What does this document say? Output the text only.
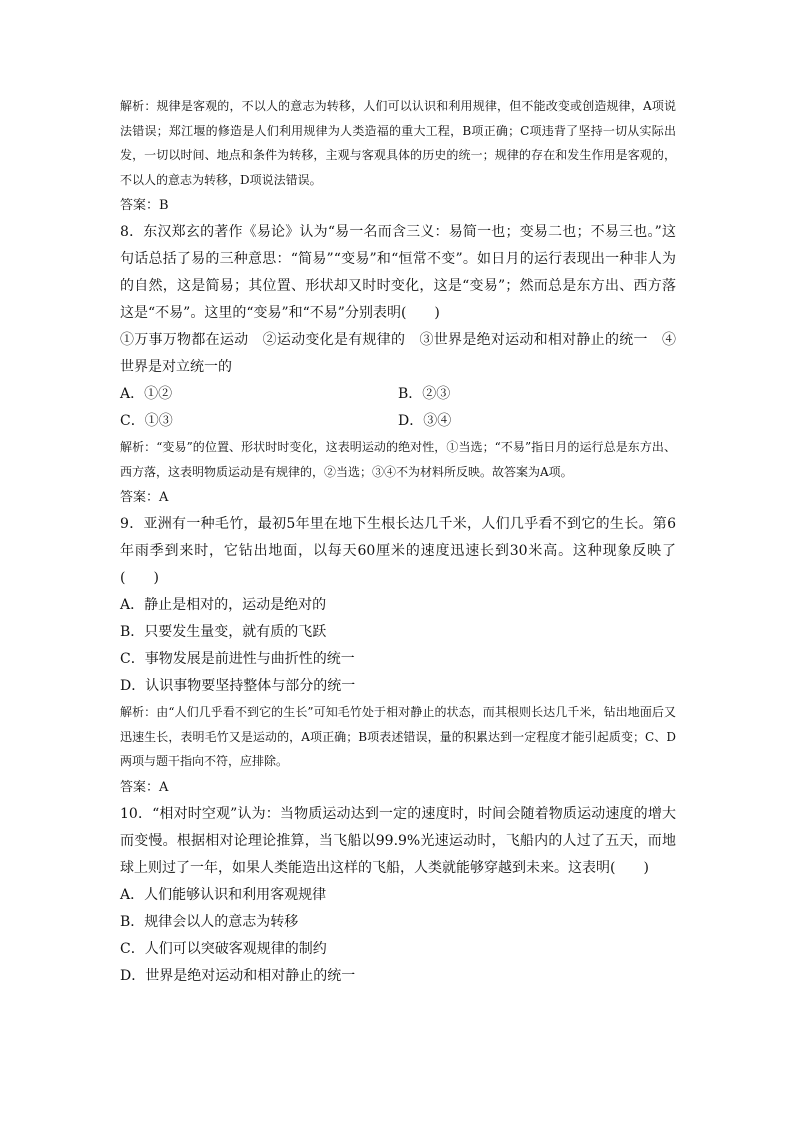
解析：规律是客观的，不以人的意志为转移，人们可以认识和利用规律，但不能改变或创造规律，A项说法错误；郑江堰的修造是人们利用规律为人类造福的重大工程，B项正确；C项违背了坚持一切从实际出发，一切以时间、地点和条件为转移，主观与客观具体的历史的统一；规律的存在和发生作用是客观的，不以人的意志为转移，D项说法错误。

答案：B

8．东汉郑玄的著作《易论》认为“易一名而含三义：易简一也；变易二也；不易三也。”这句话总括了易的三种意思：“简易”“变易”和“恒常不变”。如日月的运行表现出一种非人为的自然，这是简易；其位置、形状却又时时变化，这是“变易”；然而总是东方出、西方落这是“不易”。这里的“变易”和“不易”分别表明(　　)

①万事万物都在运动　②运动变化是有规律的　③世界是绝对运动和相对静止的统一　④世界是对立统一的

A．①②	B．②③

C．①③	D．③④

解析：“变易”的位置、形状时时变化，这表明运动的绝对性，①当选；“不易”指日月的运行总是东方出、西方落，这表明物质运动是有规律的，②当选；③④不为材料所反映。故答案为A项。

答案：A

9．亚洲有一种毛竹，最初5年里在地下生根长达几千米，人们几乎看不到它的生长。第6年雨季到来时，它钻出地面，以每天60厘米的速度迅速长到30米高。这种现象反映了(　　)

A．静止是相对的，运动是绝对的

B．只要发生量变，就有质的飞跃

C．事物发展是前进性与曲折性的统一

D．认识事物要坚持整体与部分的统一

解析：由“人们几乎看不到它的生长”可知毛竹处于相对静止的状态，而其根则长达几千米，钻出地面后又迅速生长，表明毛竹又是运动的，A项正确；B项表述错误，量的积累达到一定程度才能引起质变；C、D两项与题干指向不符，应排除。

答案：A

10．“相对时空观”认为：当物质运动达到一定的速度时，时间会随着物质运动速度的增大而变慢。根据相对论理论推算，当飞船以99.9%光速运动时，飞船内的人过了五天，而地球上则过了一年，如果人类能造出这样的飞船，人类就能够穿越到未来。这表明(　　)

A．人们能够认识和利用客观规律

B．规律会以人的意志为转移

C．人们可以突破客观规律的制约

D．世界是绝对运动和相对静止的统一
